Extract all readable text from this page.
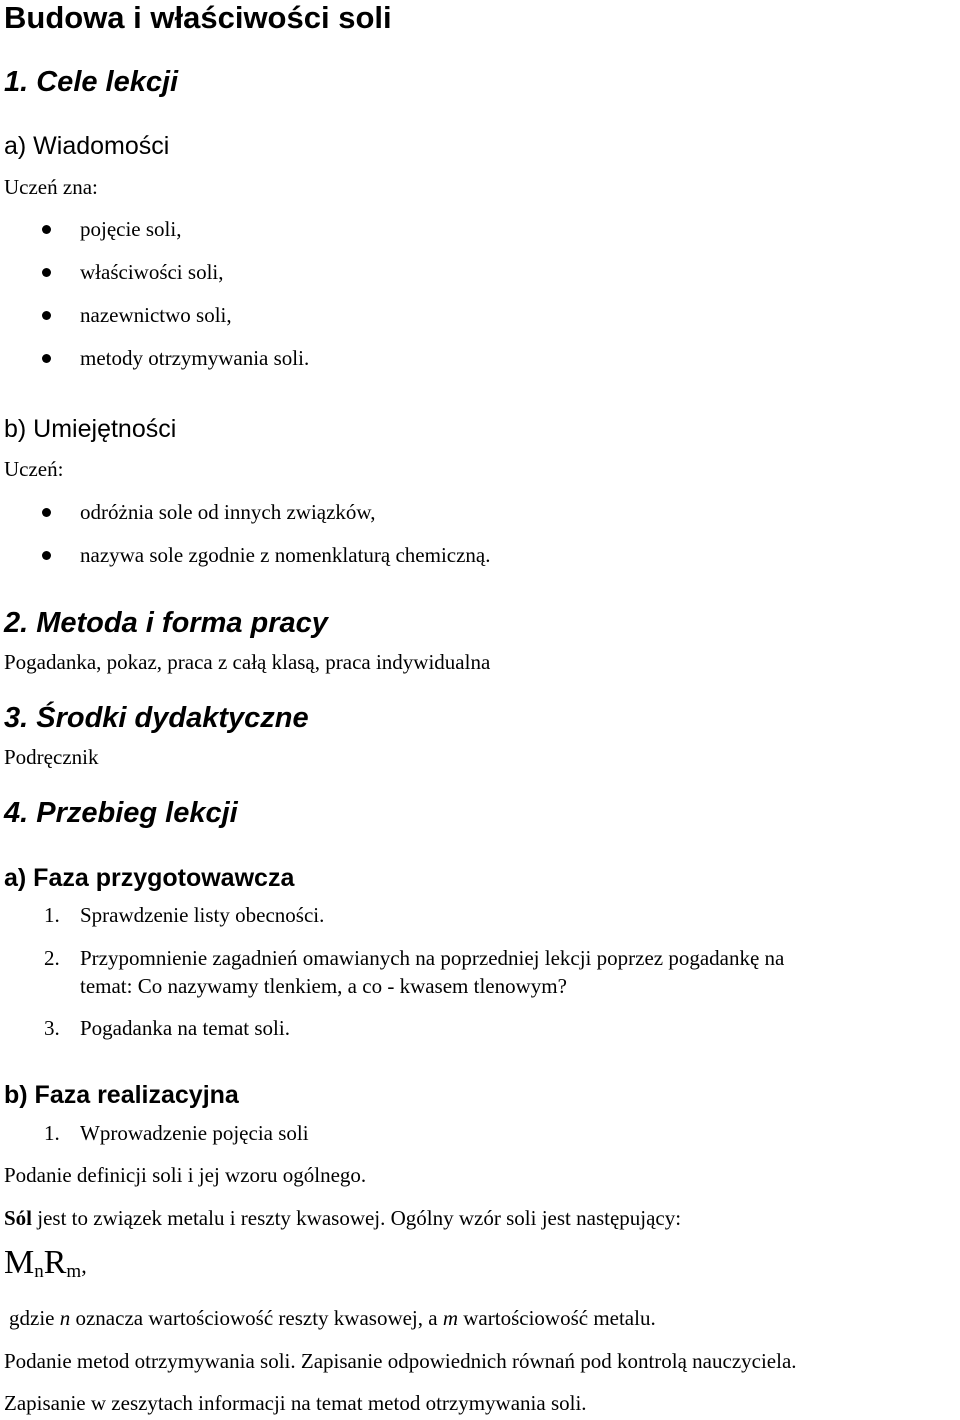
Budowa i właściwości soli
1. Cele lekcji
a) Wiadomości
Uczeń zna:
pojęcie soli,
właściwości soli,
nazewnictwo soli,
metody otrzymywania soli.
b) Umiejętności
Uczeń:
odróżnia sole od innych związków,
nazywa sole zgodnie z nomenklaturą chemiczną.
2. Metoda i forma pracy
Pogadanka, pokaz, praca z całą klasą, praca indywidualna
3. Środki dydaktyczne
Podręcznik
4. Przebieg lekcji
a) Faza przygotowawcza
1. Sprawdzenie listy obecności.
2. Przypomnienie zagadnień omawianych na poprzedniej lekcji poprzez pogadankę na
temat: Co nazywamy tlenkiem, a co - kwasem tlenowym?
3. Pogadanka na temat soli.
b) Faza realizacyjna
1. Wprowadzenie pojęcia soli
Podanie definicji soli i jej wzoru ogólnego.
Sól jest to związek metalu i reszty kwasowej. Ogólny wzór soli jest następujący:
$M_nR_m$,
gdzie n oznacza wartościowość reszty kwasowej, a m wartościowość metalu.
Podanie metod otrzymywania soli. Zapisanie odpowiednich równań pod kontrolą nauczyciela.
Zapisanie w zeszytach informacji na temat metod otrzymywania soli.
